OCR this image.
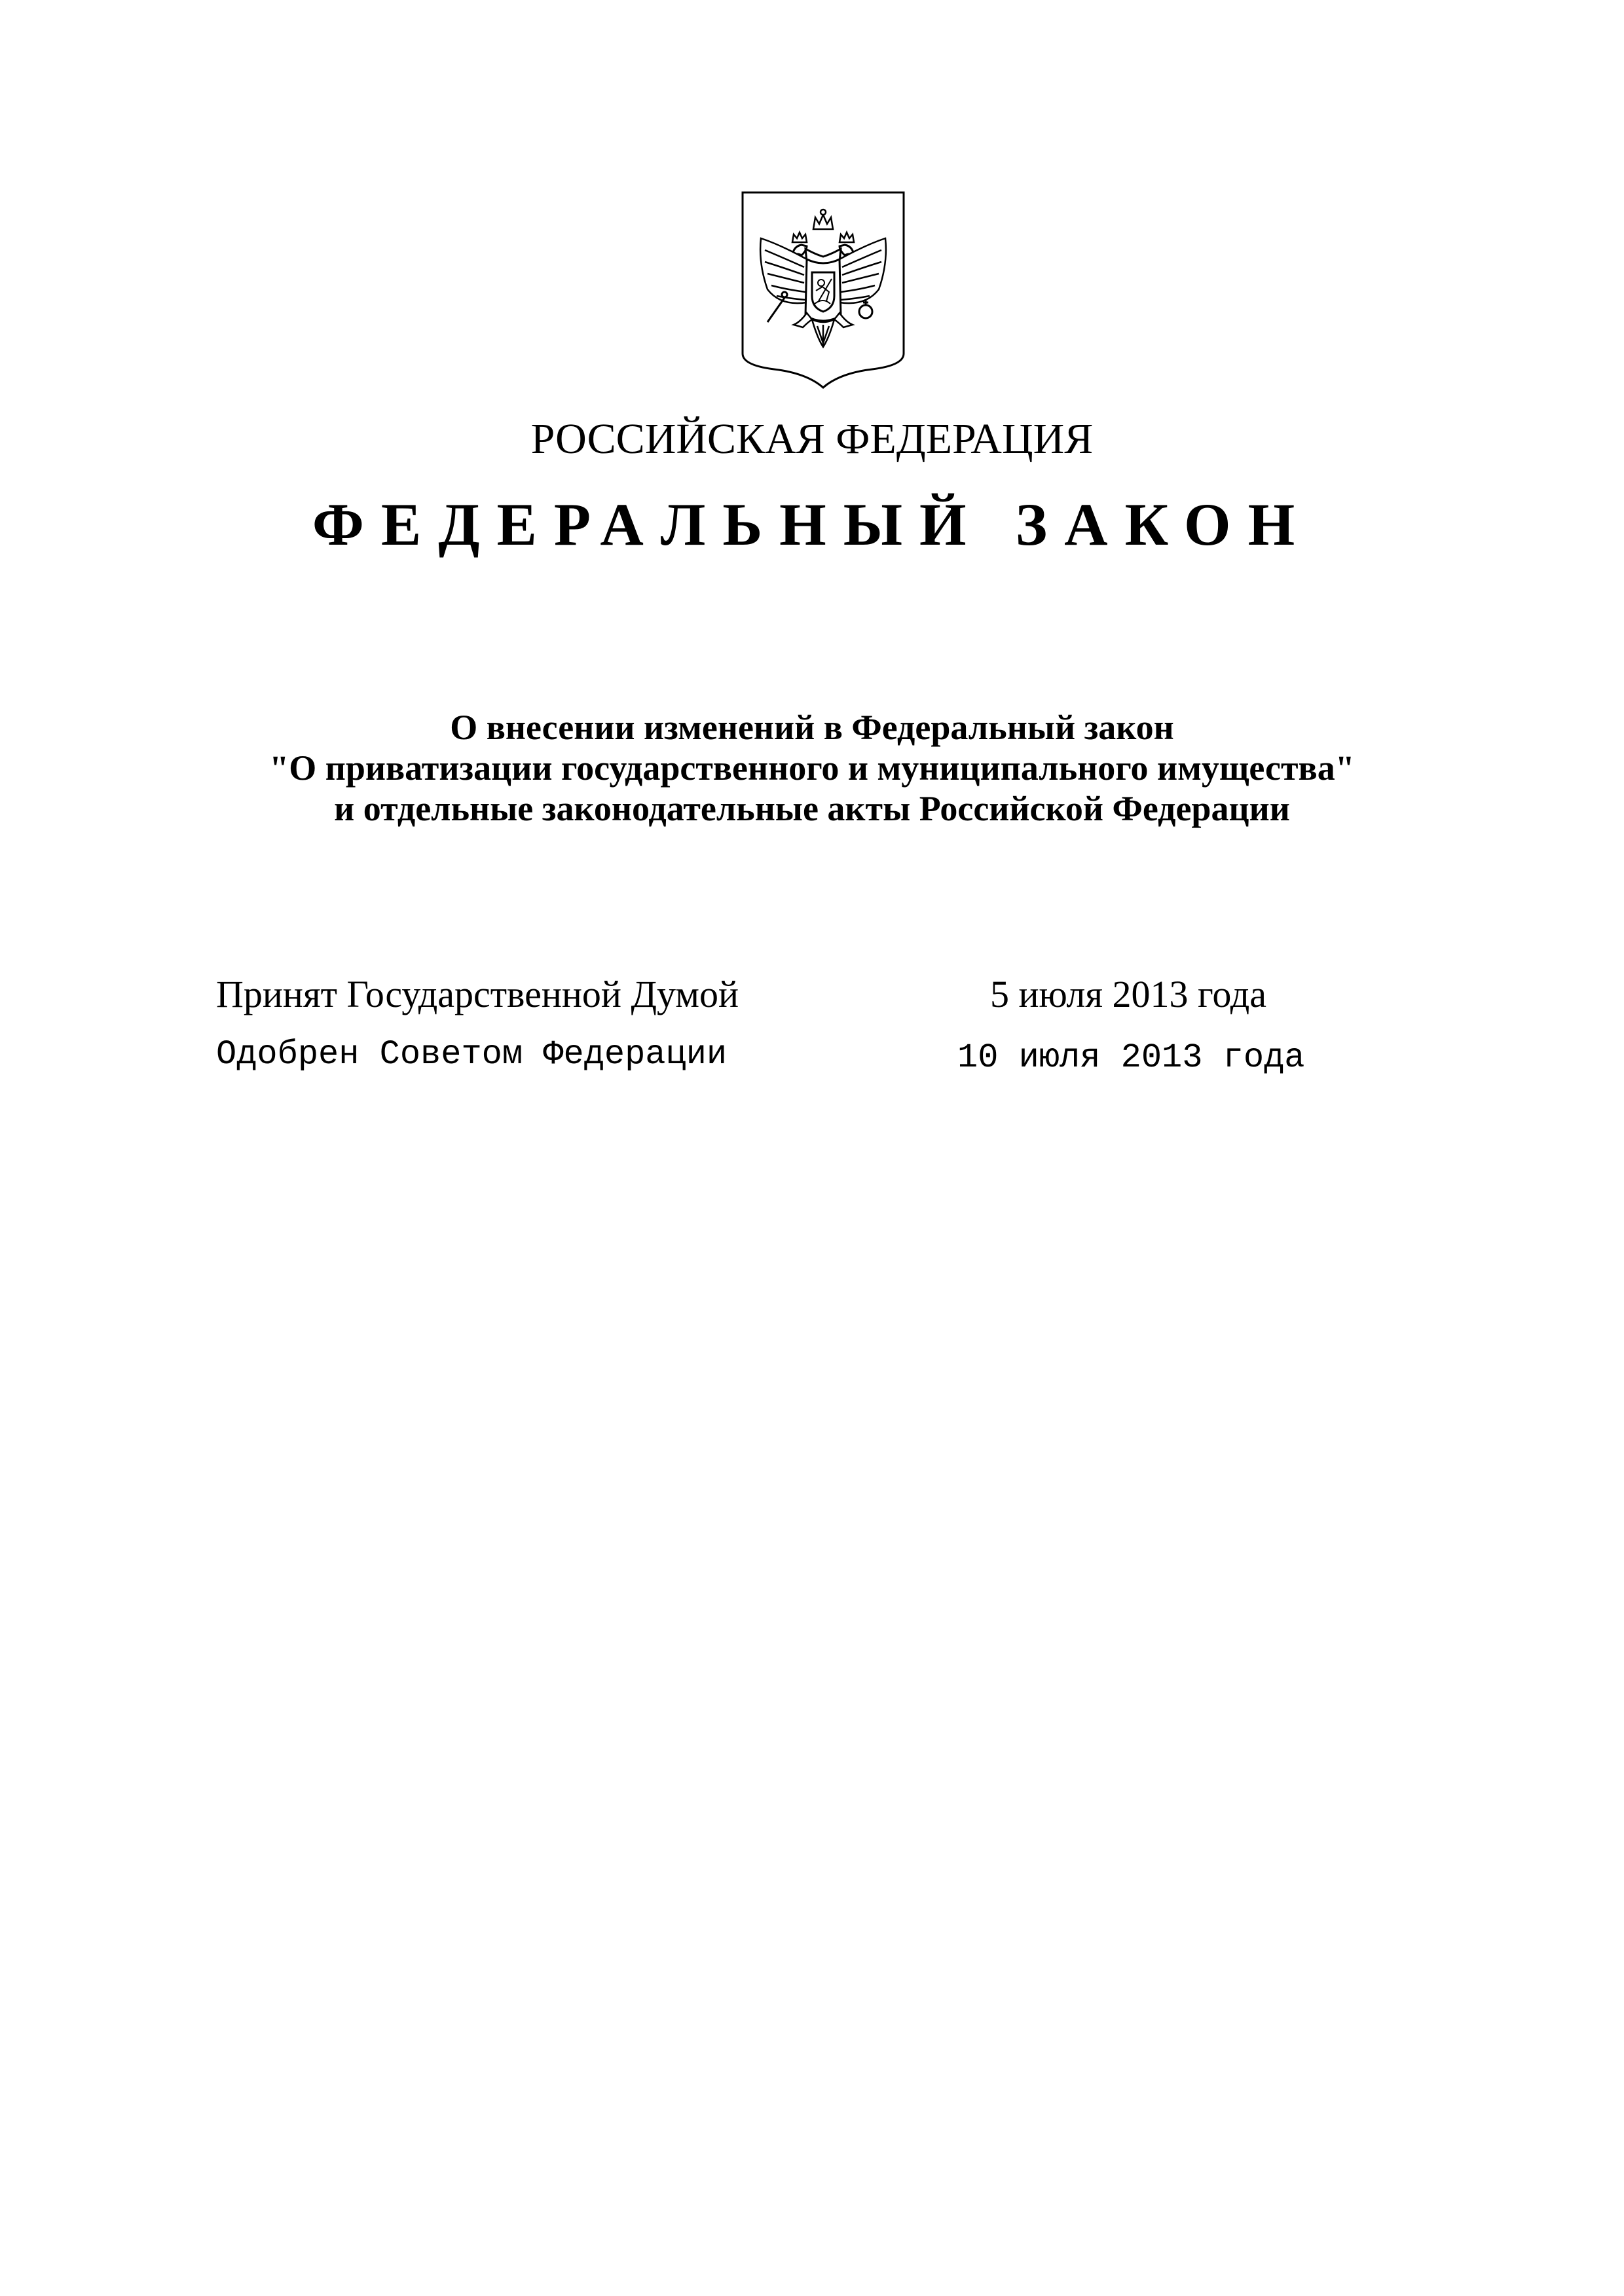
РОССИЙСКАЯ ФЕДЕРАЦИЯ
ФЕДЕРАЛЬНЫЙ ЗАКОН
О внесении изменений в Федеральный закон
"О приватизации государственного и муниципального имущества"
и отдельные законодательные акты Российской Федерации
Принят Государственной Думой	5 июля 2013 года
Одобрен Советом Федерации	10 июля 2013 года
